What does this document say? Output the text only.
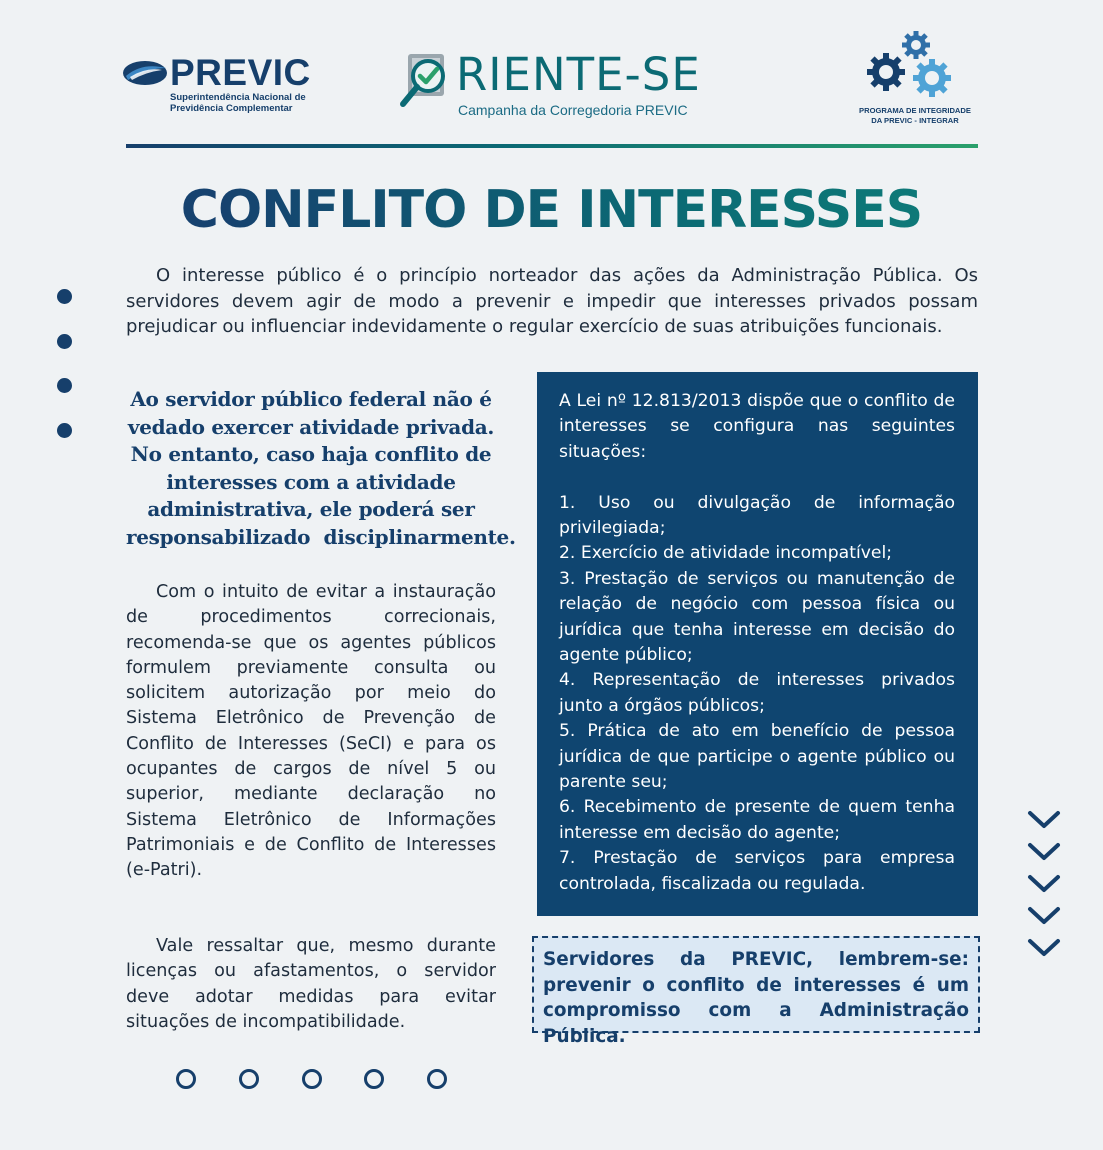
PREVIC
Superintendência Nacional de
Previdência Complementar
RIENTE-SE
Campanha da Corregedoria PREVIC	PROGRAMA DE INTEGRIDADE
DA PREVIC - INTEGRAR
CONFLITO DE INTERESSES
O interesse público é o princípio norteador das ações da Administração Pública. Os servidores devem agir de modo a prevenir e impedir que interesses privados possam prejudicar ou influenciar indevidamente o regular exercício de suas atribuições funcionais.
Ao servidor público federal não é
vedado exercer atividade privada.
No entanto, caso haja conflito de
interesses com a atividade
administrativa, ele poderá ser
responsabilizado  disciplinarmente.
Com o intuito de evitar a instauração de procedimentos correcionais, recomenda-se que os agentes públicos formulem previamente consulta ou solicitem autorização por meio do Sistema Eletrônico de Prevenção de Conflito de Interesses (SeCI) e para os ocupantes de cargos de nível 5 ou superior, mediante declaração no Sistema Eletrônico de Informações Patrimoniais e de Conflito de Interesses (e-Patri).
Vale ressaltar que, mesmo durante licenças ou afastamentos, o servidor deve adotar medidas para evitar situações de incompatibilidade.

A Lei nº 12.813/2013 dispõe que o conflito de interesses se configura nas seguintes situações:

1. Uso ou divulgação de informação privilegiada;

2. Exercício de atividade incompatível;

3. Prestação de serviços ou manutenção de relação de negócio com pessoa física ou jurídica que tenha interesse em decisão do agente público;

4. Representação de interesses privados junto a órgãos públicos;

5. Prática de ato em benefício de pessoa jurídica de que participe o agente público ou parente seu;

6. Recebimento de presente de quem tenha interesse em decisão do agente;

7. Prestação de serviços para empresa controlada, fiscalizada ou regulada.

Servidores da PREVIC, lembrem-se:
prevenir o conflito de interesses é um
compromisso com a Administração Pública.
